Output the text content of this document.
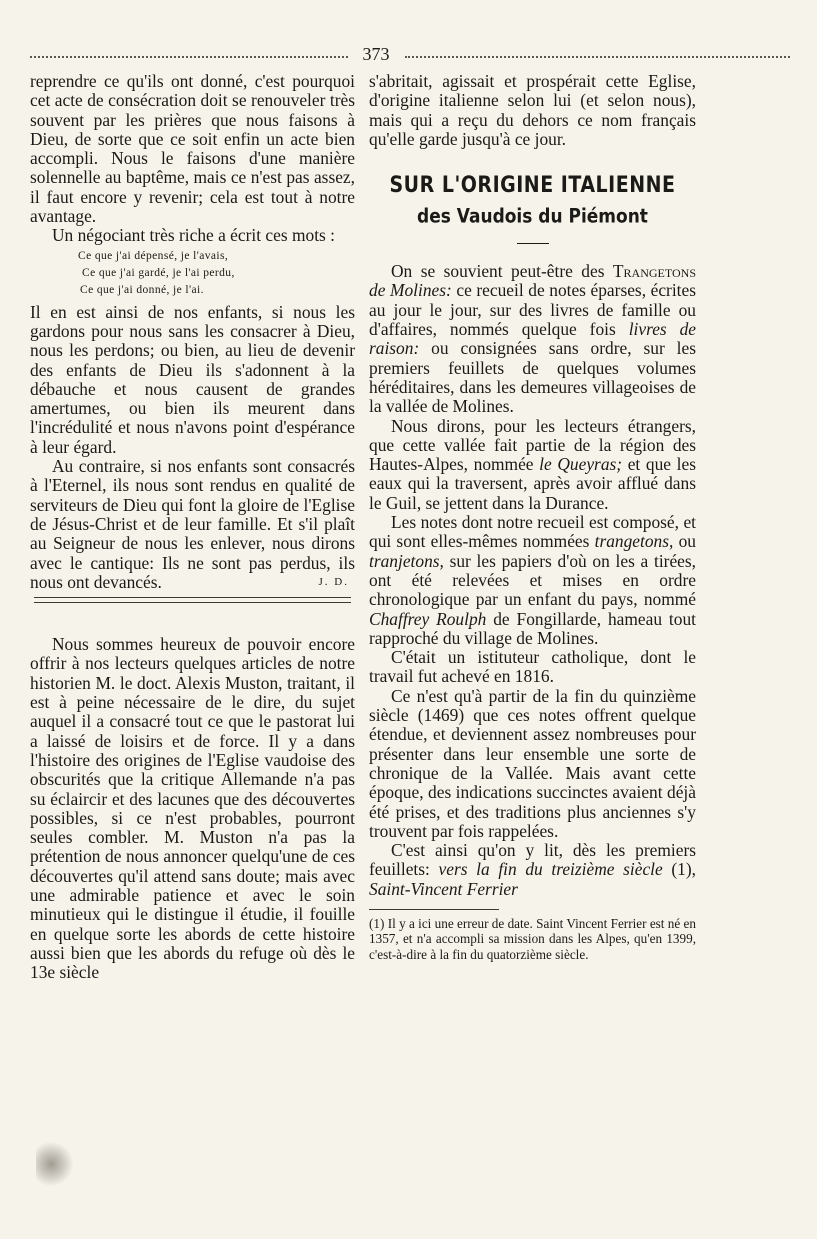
373

reprendre ce qu'ils ont donné, c'est pourquoi cet acte de consécration doit se renouveler très souvent par les prières que nous faisons à Dieu, de sorte que ce soit enfin un acte bien accompli. Nous le faisons d'une manière solennelle au baptême, mais ce n'est pas assez, il faut encore y revenir; cela est tout à notre avantage.

Un négociant très riche a écrit ces mots :

Ce que j'ai dépensé, je l'avais,
Ce que j'ai gardé, je l'ai perdu,
Ce que j'ai donné, je l'ai.

Il en est ainsi de nos enfants, si nous les gardons pour nous sans les consacrer à Dieu, nous les perdons; ou bien, au lieu de devenir des enfants de Dieu ils s'adonnent à la débauche et nous causent de grandes amertumes, ou bien ils meurent dans l'incrédulité et nous n'avons point d'espérance à leur égard.

Au contraire, si nos enfants sont consacrés à l'Eternel, ils nous sont rendus en qualité de serviteurs de Dieu qui font la gloire de l'Eglise de Jésus-Christ et de leur famille. Et s'il plaît au Seigneur de nous les enlever, nous dirons avec le cantique: Ils ne sont pas perdus, ils nous ont devancés.	J. D.

Nous sommes heureux de pouvoir encore offrir à nos lecteurs quelques articles de notre historien M. le doct. Alexis Muston, traitant, il est à peine nécessaire de le dire, du sujet auquel il a consacré tout ce que le pastorat lui a laissé de loisirs et de force. Il y a dans l'histoire des origines de l'Eglise vaudoise des obscurités que la critique Allemande n'a pas su éclaircir et des lacunes que des découvertes possibles, si ce n'est probables, pourront seules combler. M. Muston n'a pas la prétention de nous annoncer quelqu'une de ces découvertes qu'il attend sans doute; mais avec une admirable patience et avec le soin minutieux qui le distingue il étudie, il fouille en quelque sorte les abords de cette histoire aussi bien que les abords du refuge où dès le 13e siècle

s'abritait, agissait et prospérait cette Eglise, d'origine italienne selon lui (et selon nous), mais qui a reçu du dehors ce nom français qu'elle garde jusqu'à ce jour.

SUR L'ORIGINE ITALIENNE
des Vaudois du Piémont

On se souvient peut-être des Trangetons de Molines: ce recueil de notes éparses, écrites au jour le jour, sur des livres de famille ou d'affaires, nommés quelque fois livres de raison: ou consignées sans ordre, sur les premiers feuillets de quelques volumes héréditaires, dans les demeures villageoises de la vallée de Molines.

Nous dirons, pour les lecteurs étrangers, que cette vallée fait partie de la région des Hautes-Alpes, nommée le Queyras; et que les eaux qui la traversent, après avoir afflué dans le Guil, se jettent dans la Durance.

Les notes dont notre recueil est composé, et qui sont elles-mêmes nommées trangetons, ou tranjetons, sur les papiers d'où on les a tirées, ont été relevées et mises en ordre chronologique par un enfant du pays, nommé Chaffrey Roulph de Fongillarde, hameau tout rapproché du village de Molines.

C'était un istituteur catholique, dont le travail fut achevé en 1816.

Ce n'est qu'à partir de la fin du quinzième siècle (1469) que ces notes offrent quelque étendue, et deviennent assez nombreuses pour présenter dans leur ensemble une sorte de chronique de la Vallée. Mais avant cette époque, des indications succinctes avaient déjà été prises, et des traditions plus anciennes s'y trouvent par fois rappelées.

C'est ainsi qu'on y lit, dès les premiers feuillets: vers la fin du treizième siècle (1), Saint-Vincent Ferrier

(1) Il y a ici une erreur de date. Saint Vincent Ferrier est né en 1357, et n'a accompli sa mission dans les Alpes, qu'en 1399, c'est-à-dire à la fin du quatorzième siècle.
